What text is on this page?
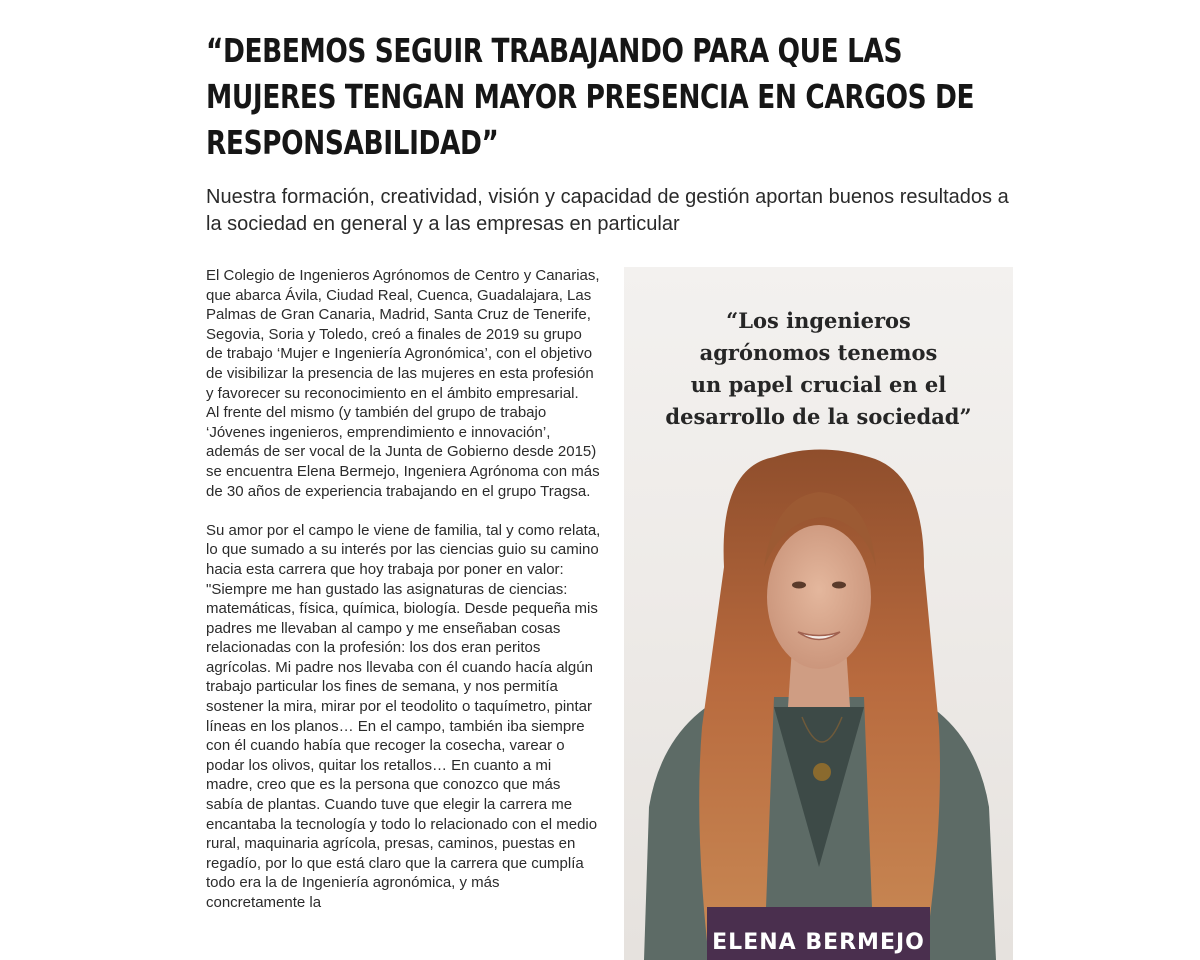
“DEBEMOS SEGUIR TRABAJANDO PARA QUE LAS
MUJERES TENGAN MAYOR PRESENCIA EN CARGOS DE
RESPONSABILIDAD”

Nuestra formación, creatividad, visión y capacidad de gestión aportan buenos resultados a la sociedad en general y a las empresas en particular

El Colegio de Ingenieros Agrónomos de Centro y Canarias, que abarca Ávila, Ciudad Real, Cuenca, Guadalajara, Las Palmas de Gran Canaria, Madrid, Santa Cruz de Tenerife, Segovia, Soria y Toledo, creó a finales de 2019 su grupo de trabajo ‘Mujer e Ingeniería Agronómica’, con el objetivo de visibilizar la presencia de las mujeres en esta profesión y favorecer su reconocimiento en el ámbito empresarial.

Al frente del mismo (y también del grupo de trabajo ‘Jóvenes ingenieros, emprendimiento e innovación’, además de ser vocal de la Junta de Gobierno desde 2015) se encuentra Elena Bermejo, Ingeniera Agrónoma con más de 30 años de experiencia trabajando en el grupo Tragsa.

Su amor por el campo le viene de familia, tal y como relata, lo que sumado a su interés por las ciencias guio su camino hacia esta carrera que hoy trabaja por poner en valor: "Siempre me han gustado las asignaturas de ciencias: matemáticas, física, química, biología. Desde pequeña mis padres me llevaban al campo y me enseñaban cosas relacionadas con la profesión: los dos eran peritos agrícolas. Mi padre nos llevaba con él cuando hacía algún trabajo particular los fines de semana, y nos permitía sostener la mira, mirar por el teodolito o taquímetro, pintar líneas en los planos… En el campo, también iba siempre con él cuando había que recoger la cosecha, varear o podar los olivos, quitar los retallos… En cuanto a mi madre, creo que es la persona que conozco que más sabía de plantas. Cuando tuve que elegir la carrera me encantaba la tecnología y todo lo relacionado con el medio rural, maquinaria agrícola, presas, caminos, puestas en regadío, por lo que está claro que la carrera que cumplía todo era la de Ingeniería agronómica, y más concretamente la

“Los ingenieros
agrónomos tenemos
un papel crucial en el
desarrollo de la sociedad”

ELENA BERMEJO
